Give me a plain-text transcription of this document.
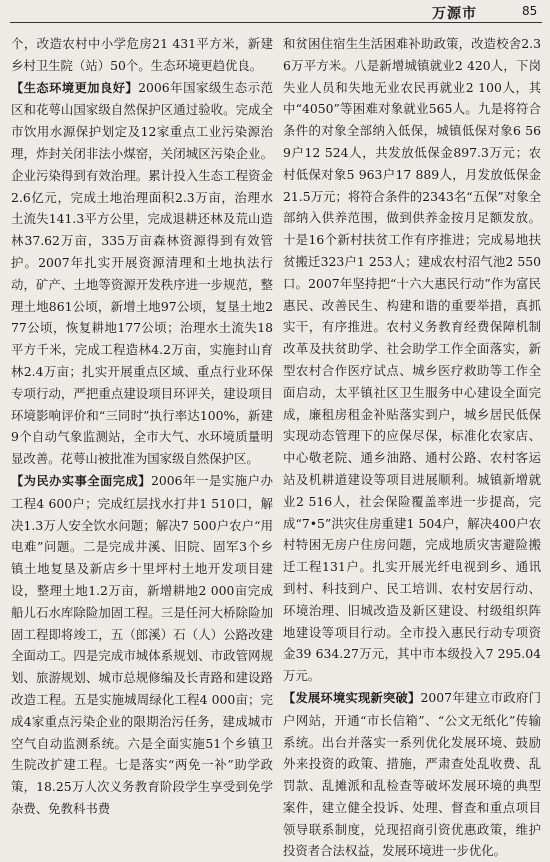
万源市	85

个，改造农村中小学危房21 431平方米，新建乡村卫生院（站）50个。生态环境更趋优良。

【生态环境更加良好】2006年国家级生态示范区和花萼山国家级自然保护区通过验收。完成全市饮用水源保护划定及12家重点工业污染源治理，炸封关闭非法小煤窑，关闭城区污染企业。企业污染得到有效治理。累计投入生态工程资金2.6亿元，完成土地治理面积2.3万亩，治理水土流失141.3平方公里，完成退耕还林及荒山造林37.62万亩，335万亩森林资源得到有效管护。2007年扎实开展资源清理和土地执法行动，矿产、土地等资源开发秩序进一步规范，整理土地861公顷，新增土地97公顷，复垦土地277公顷，恢复耕地177公顷；治理水土流失18平方千米，完成工程造林4.2万亩，实施封山育林2.4万亩；扎实开展重点区域、重点行业环保专项行动，严把重点建设项目环评关，建设项目环境影响评价和“三同时”执行率达100%，新建9个自动气象监测站，全市大气、水环境质量明显改善。花萼山被批准为国家级自然保护区。

【为民办实事全面完成】2006年一是实施户办工程4 600户；完成红层找水打井1 510口，解决1.3万人安全饮水问题；解决7 500户农户“用电难”问题。二是完成井溪、旧院、固军3个乡镇土地复垦及新店乡十里坪村土地开发项目建设，整理土地1.2万亩，新增耕地2 000亩完成船儿石水库除险加固工程。三是任河大桥除险加固工程即将竣工，五（郎溪）石（人）公路改建全面动工。四是完成市城体系规划、市政管网规划、旅游规划、城市总规修编及长青路和建设路改造工程。五是实施城周绿化工程4 000亩；完成4家重点污染企业的限期治污任务，建成城市空气自动监测系统。六是全面实施51个乡镇卫生院改扩建工程。七是落实“两免一补”助学政策，18.25万人次义务教育阶段学生享受到免学杂费、免教科书费

和贫困住宿生生活困难补助政策，改造校舍2.36万平方米。八是新增城镇就业2 420人，下岗失业人员和失地无业农民再就业2 100人，其中“4050”等困难对象就业565人。九是将符合条件的对象全部纳入低保，城镇低保对象6 569户12 524人，共发放低保金897.3万元；农村低保对象5 963户17 889人，月发放低保金21.5万元；将符合条件的2343名“五保”对象全部纳入供养范围，做到供养金按月足额发放。十是16个新村扶贫工作有序推进；完成易地扶贫搬迁323户1 253人；建成农村沼气池2 550口。2007年坚持把“十六大惠民行动”作为富民惠民、改善民生、构建和谐的重要举措，真抓实干，有序推进。农村义务教育经费保障机制改革及扶贫助学、社会助学工作全面落实，新型农村合作医疗试点、城乡医疗救助等工作全面启动，太平镇社区卫生服务中心建设全面完成，廉租房租金补贴落实到户，城乡居民低保实现动态管理下的应保尽保，标准化农家店、中心敬老院、通乡油路、通村公路、农村客运站及机耕道建设等项目进展顺利。城镇新增就业2 516人，社会保险覆盖率进一步提高，完成“7•5”洪灾住房重建1 504户，解决400户农村特困无房户住房问题，完成地质灾害避险搬迁工程131户。扎实开展光纤电视到乡、通讯到村、科技到户、民工培训、农村安居行动、环境治理、旧城改造及新区建设、村级组织阵地建设等项目行动。全市投入惠民行动专项资金39 634.27万元，其中市本级投入7 295.04万元。

【发展环境实现新突破】2007年建立市政府门户网站，开通“市长信箱”、“公文无纸化”传输系统。出台并落实一系列优化发展环境、鼓励外来投资的政策、措施，严肃查处乱收费、乱罚款、乱摊派和乱检查等破坏发展环境的典型案件，建立健全投诉、处理、督查和重点项目领导联系制度，兑现招商引资优惠政策，维护投资者合法权益，发展环境进一步优化。
